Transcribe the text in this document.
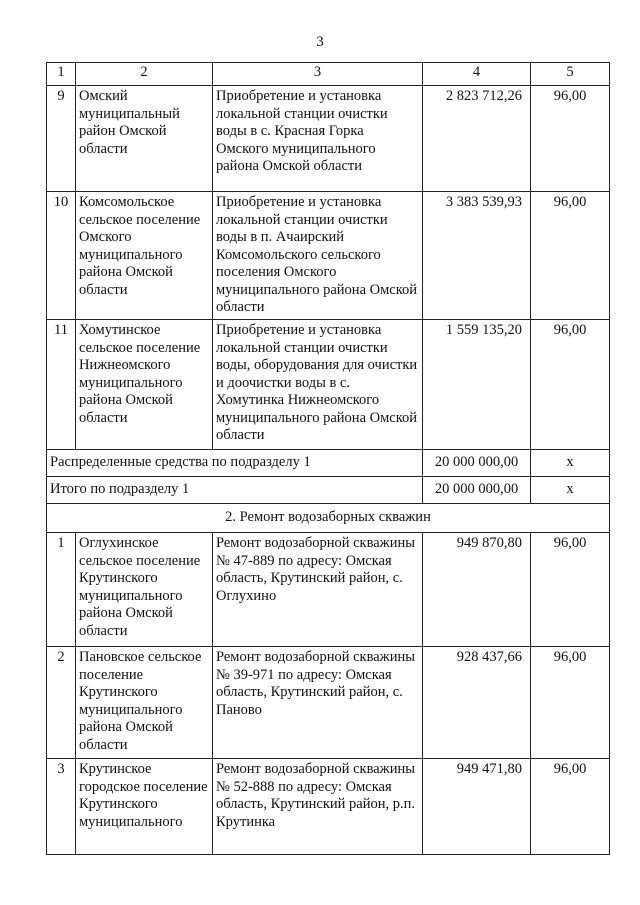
3
1	2	3	4	5
9	Омский муниципальный район Омской области	Приобретение и установка локальной станции очистки воды в с. Красная Горка Омского муниципального района Омской области	2 823 712,26	96,00
10	Комсомольское сельское поселение Омского муниципального района Омской области	Приобретение и установка локальной станции очистки воды в п. Ачаирский Комсомольского сельского поселения Омского муниципального района Омской области	3 383 539,93	96,00
11	Хомутинское сельское поселение Нижнеомского муниципального района Омской области	Приобретение и установка локальной станции очистки воды, оборудования для очистки и доочистки воды в с. Хомутинка Нижнеомского муниципального района Омской области	1 559 135,20	96,00
Распределенные средства по подразделу 1			20 000 000,00	х
Итого по подразделу 1			20 000 000,00	х
2. Ремонт водозаборных скважин				
1	Оглухинское сельское поселение Крутинского муниципального района Омской области	Ремонт водозаборной скважины № 47-889 по адресу: Омская область, Крутинский район, с. Оглухино	949 870,80	96,00
2	Пановское сельское поселение Крутинского муниципального района Омской области	Ремонт водозаборной скважины № 39-971 по адресу: Омская область, Крутинский район, с. Паново	928 437,66	96,00
3	Крутинское городское поселение Крутинского муниципального	Ремонт водозаборной скважины № 52-888 по адресу: Омская область, Крутинский район, р.п. Крутинка	949 471,80	96,00
